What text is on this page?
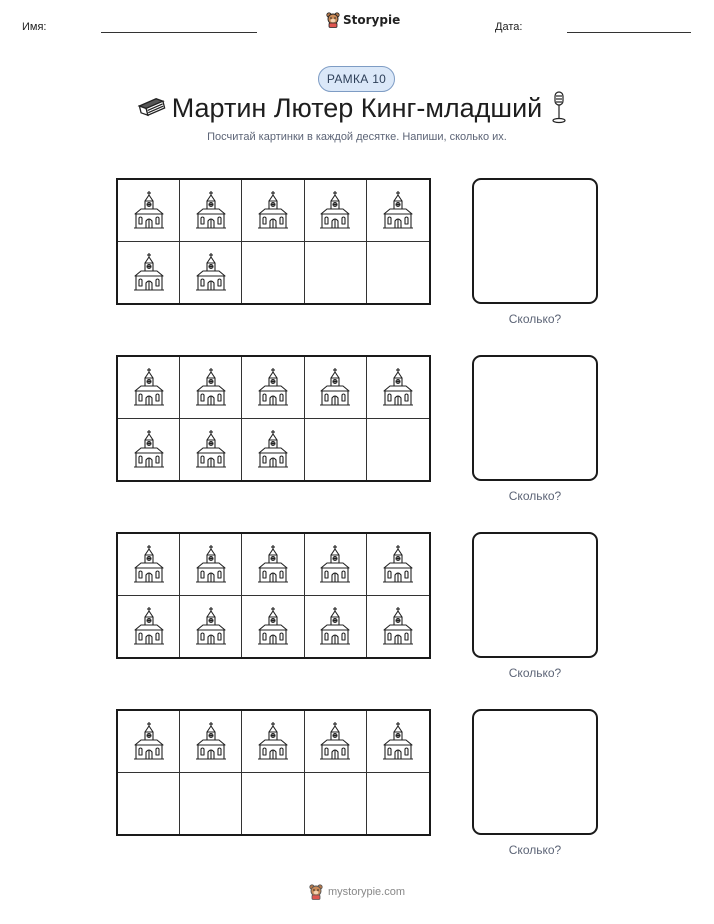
Имя:	Storypie	Дата:
РАМКА 10
Мартин Лютер Кинг-младший
Посчитай картинки в каждой десятке. Напиши, сколько их.
Сколько?
Сколько?
Сколько?
Сколько?
mystorypie.com
